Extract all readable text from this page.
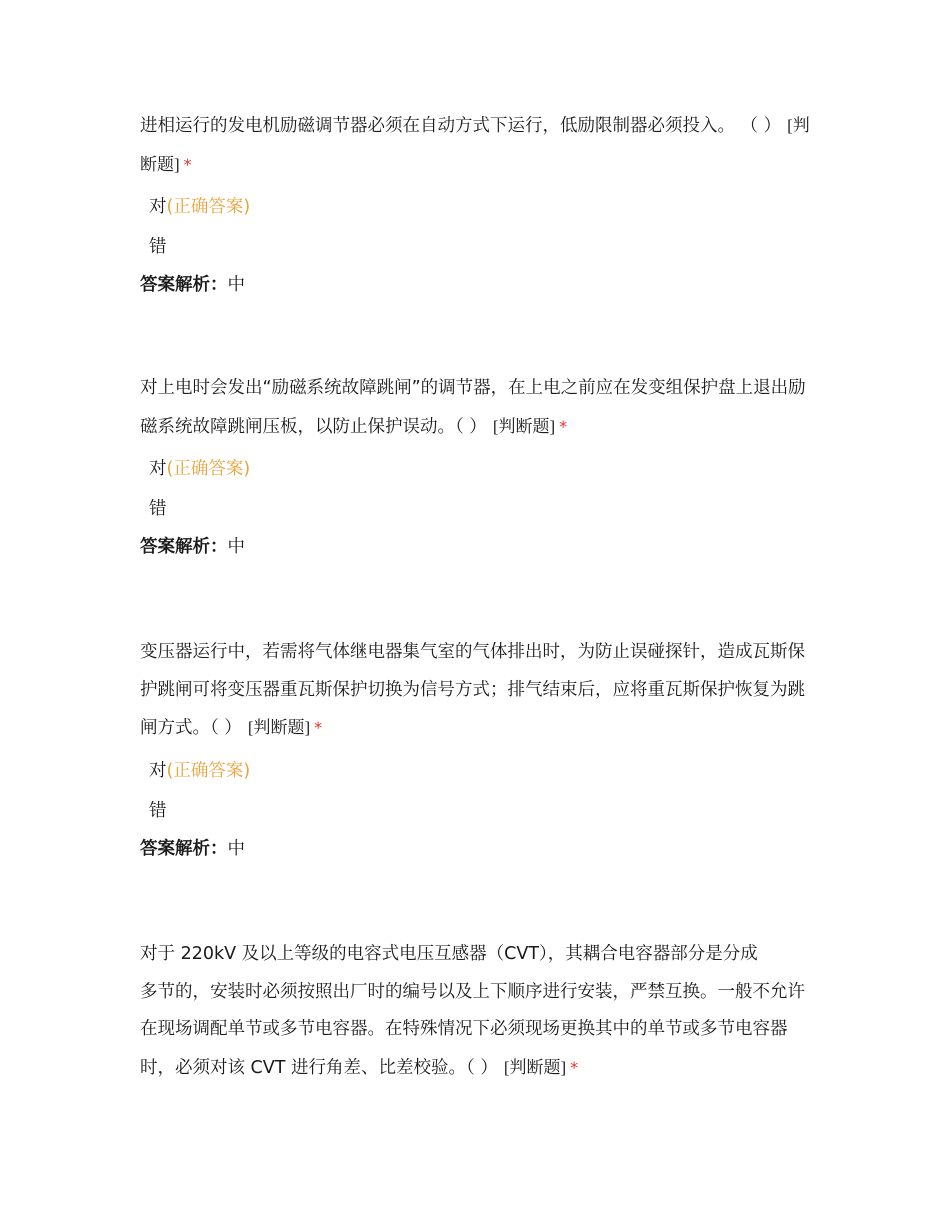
进相运行的发电机励磁调节器必须在自动方式下运行，低励限制器必须投入。 （ ） [判断题] *

对(正确答案)
错
答案解析：中

对上电时会发出“励磁系统故障跳闸”的调节器，在上电之前应在发变组保护盘上退出励磁系统故障跳闸压板，以防止保护误动。（ ） [判断题] *

对(正确答案)
错
答案解析：中

变压器运行中，若需将气体继电器集气室的气体排出时，为防止误碰探针，造成瓦斯保护跳闸可将变压器重瓦斯保护切换为信号方式；排气结束后，应将重瓦斯保护恢复为跳闸方式。（ ） [判断题] *

对(正确答案)
错
答案解析：中

对于 220kV 及以上等级的电容式电压互感器（CVT），其耦合电容器部分是分成
多节的，安装时必须按照出厂时的编号以及上下顺序进行安装，严禁互换。一般不允许在现场调配单节或多节电容器。在特殊情况下必须现场更换其中的单节或多节电容器时，必须对该 CVT 进行角差、比差校验。（ ） [判断题] *
